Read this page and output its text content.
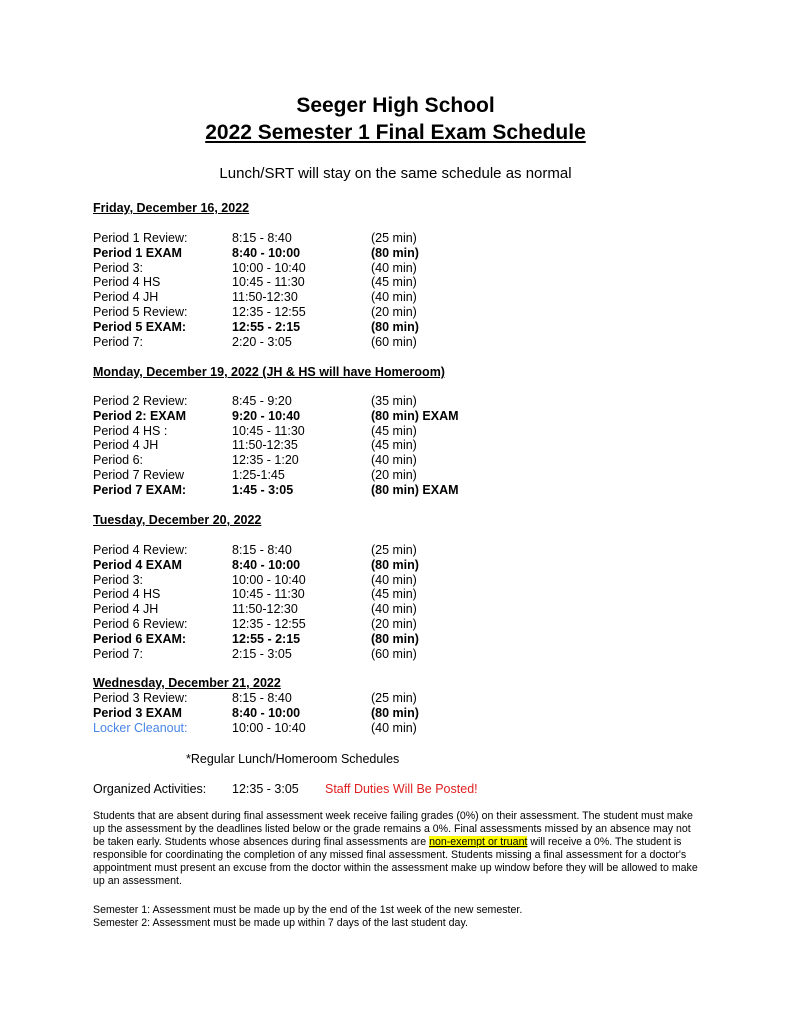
Seeger High School
2022 Semester 1 Final Exam Schedule
Lunch/SRT will stay on the same schedule as normal
Friday, December 16, 2022
Period 1 Review:	8:15 - 8:40	(25 min)
Period 1 EXAM	8:40 - 10:00	(80 min)
Period 3:	10:00 - 10:40	(40 min)
Period 4 HS	10:45 - 11:30	(45 min)
Period 4 JH	11:50-12:30	(40 min)
Period 5 Review:	12:35 - 12:55	(20 min)
Period 5 EXAM:	12:55 - 2:15	(80 min)
Period 7:	2:20 - 3:05	(60 min)
Monday, December 19, 2022 (JH & HS will have Homeroom)
Period 2 Review:	8:45 - 9:20	(35 min)
Period 2: EXAM	9:20 - 10:40	(80 min) EXAM
Period 4 HS :	10:45 - 11:30	(45 min)
Period 4 JH	11:50-12:35	(45 min)
Period 6:	12:35 - 1:20	(40 min)
Period 7 Review	1:25-1:45	(20 min)
Period 7 EXAM:	1:45 - 3:05	(80 min) EXAM
Tuesday, December 20, 2022
Period 4 Review:	8:15 - 8:40	(25 min)
Period 4 EXAM	8:40 - 10:00	(80 min)
Period 3:	10:00 - 10:40	(40 min)
Period 4 HS	10:45 - 11:30	(45 min)
Period 4 JH	11:50-12:30	(40 min)
Period 6 Review:	12:35 - 12:55	(20 min)
Period 6 EXAM:	12:55 - 2:15	(80 min)
Period 7:	2:15 - 3:05	(60 min)
Wednesday, December 21, 2022
Period 3 Review:	8:15 - 8:40	(25 min)
Period 3 EXAM	8:40 - 10:00	(80 min)
Locker Cleanout:	10:00 - 10:40	(40 min)
*Regular Lunch/Homeroom Schedules
Organized Activities: 12:35 - 3:05 Staff Duties Will Be Posted!
Students that are absent during final assessment week receive failing grades (0%) on their assessment. The student must make up the assessment by the deadlines listed below or the grade remains a 0%. Final assessments missed by an absence may not be taken early. Students whose absences during final assessments are non-exempt or truant will receive a 0%. The student is responsible for coordinating the completion of any missed final assessment. Students missing a final assessment for a doctor's appointment must present an excuse from the doctor within the assessment make up window before they will be allowed to make up an assessment.
Semester 1: Assessment must be made up by the end of the 1st week of the new semester.
Semester 2: Assessment must be made up within 7 days of the last student day.
